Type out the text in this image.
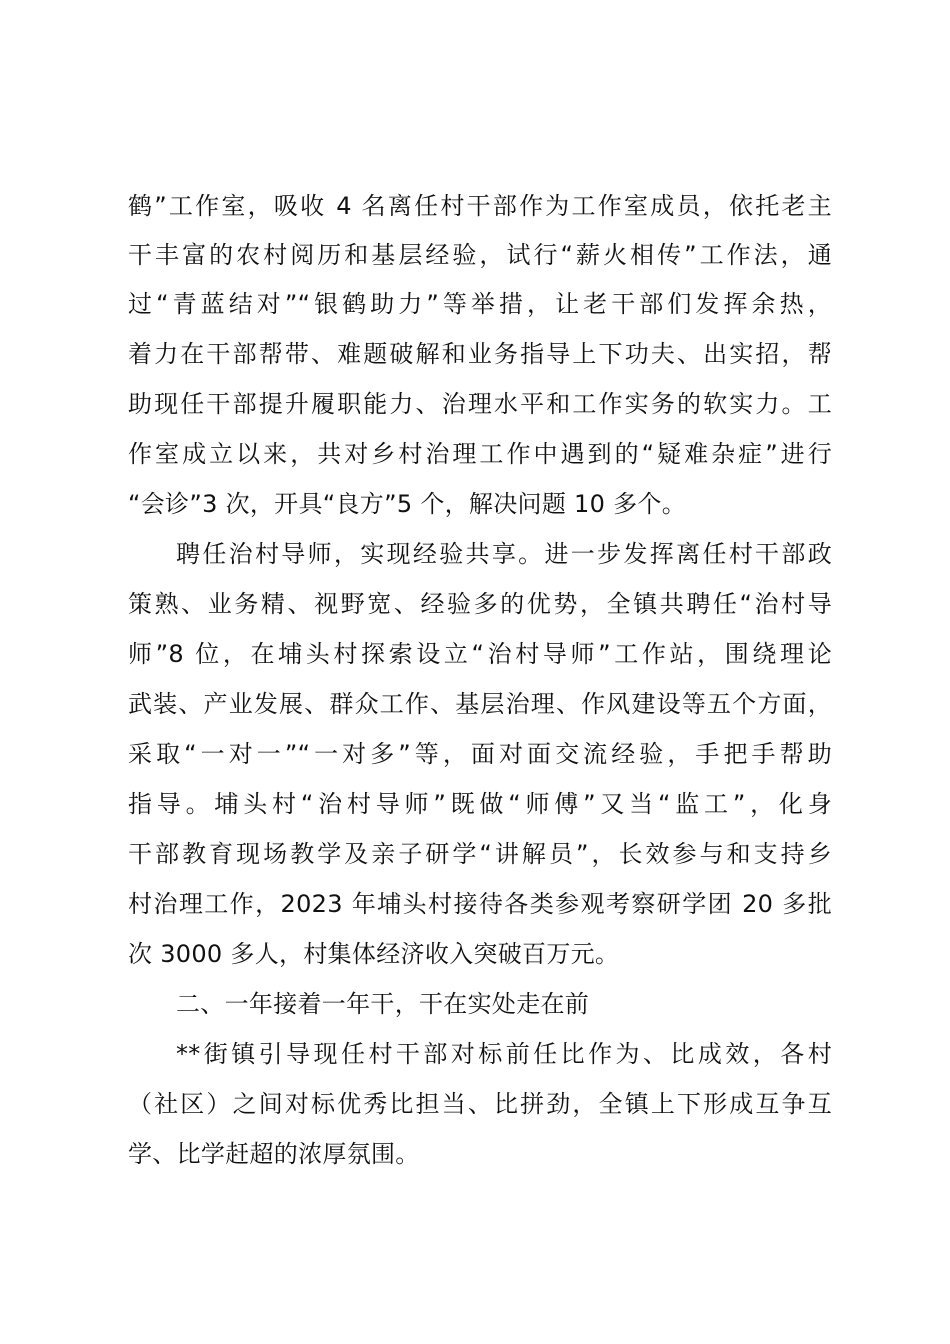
鹤”工作室，吸收 4 名离任村干部作为工作室成员，依托老主
干丰富的农村阅历和基层经验，试行“薪火相传”工作法，通
过“青蓝结对”“银鹤助力”等举措，让老干部们发挥余热，
着力在干部帮带、难题破解和业务指导上下功夫、出实招，帮
助现任干部提升履职能力、治理水平和工作实务的软实力。工
作室成立以来，共对乡村治理工作中遇到的“疑难杂症”进行
“会诊”3 次，开具“良方”5 个，解决问题 10 多个。
聘任治村导师，实现经验共享。进一步发挥离任村干部政
策熟、业务精、视野宽、经验多的优势，全镇共聘任“治村导
师”8 位，在埔头村探索设立“治村导师”工作站，围绕理论
武装、产业发展、群众工作、基层治理、作风建设等五个方面，
采取“一对一”“一对多”等，面对面交流经验，手把手帮助
指导。埔头村“治村导师”既做“师傅”又当“监工”，化身
干部教育现场教学及亲子研学“讲解员”，长效参与和支持乡
村治理工作，2023 年埔头村接待各类参观考察研学团 20 多批
次 3000 多人，村集体经济收入突破百万元。
二、一年接着一年干，干在实处走在前
**街镇引导现任村干部对标前任比作为、比成效，各村
（社区）之间对标优秀比担当、比拼劲，全镇上下形成互争互
学、比学赶超的浓厚氛围。
